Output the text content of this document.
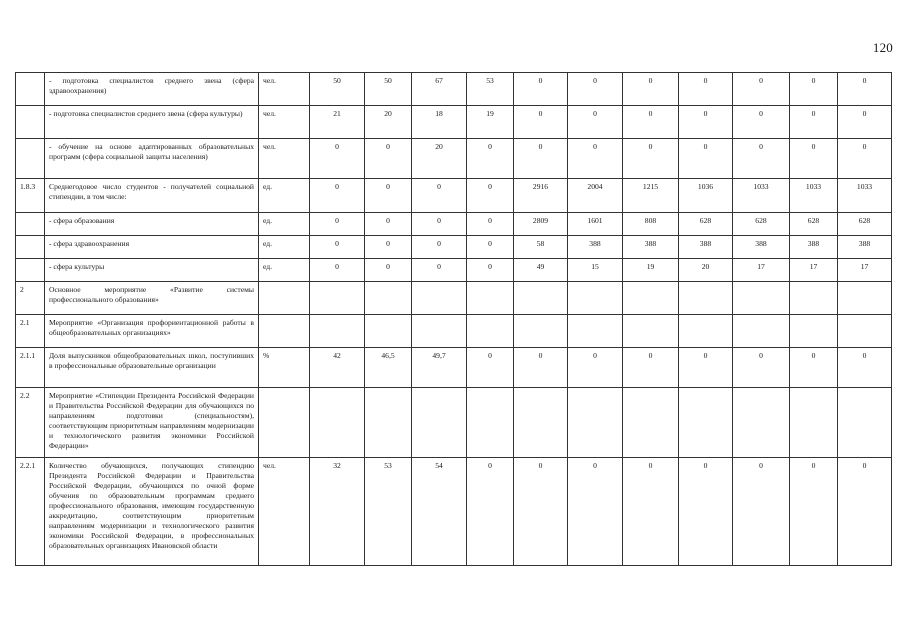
120
	- подготовка специалистов среднего звена (сфера здравоохранения)	чел.	50	50	67	53	0	0	0	0	0	0	0
	- подготовка специалистов среднего звена (сфера культуры)	чел.	21	20	18	19	0	0	0	0	0	0	0
	- обучение на основе адаптированных образовательных программ (сфера социальной защиты населения)	чел.	0	0	20	0	0	0	0	0	0	0	0
1.8.3	Среднегодовое число студентов - получателей социальной стипендии, в том числе:	ед.	0	0	0	0	2916	2004	1215	1036	1033	1033	1033
	- сфера образования	ед.	0	0	0	0	2809	1601	808	628	628	628	628
	- сфера здравоохранения	ед.	0	0	0	0	58	388	388	388	388	388	388
	- сфера культуры	ед.	0	0	0	0	49	15	19	20	17	17	17
2	Основное мероприятие «Развитие системы профессионального образования»												
2.1	Мероприятие «Организация профориентационной работы в общеобразовательных организациях»												
2.1.1	Доля выпускников общеобразовательных школ, поступивших в профессиональные образовательные организации	%	42	46,5	49,7	0	0	0	0	0	0	0	0
2.2	Мероприятие «Стипендии Президента Российской Федерации и Правительства Российской Федерации для обучающихся по направлениям подготовки (специальностям), соответствующим приоритетным направлениям модернизации и технологического развития экономики Российской Федерации»												
2.2.1	Количество обучающихся, получающих стипендию Президента Российской Федерации и Правительства Российской Федерации, обучающихся по очной форме обучения по образовательным программам среднего профессионального образования, имеющим государственную аккредитацию, соответствующим приоритетным направлениям модернизации и технологического развития экономики Российской Федерации, в профессиональных образовательных организациях Ивановской области	чел.	32	53	54	0	0	0	0	0	0	0	0
